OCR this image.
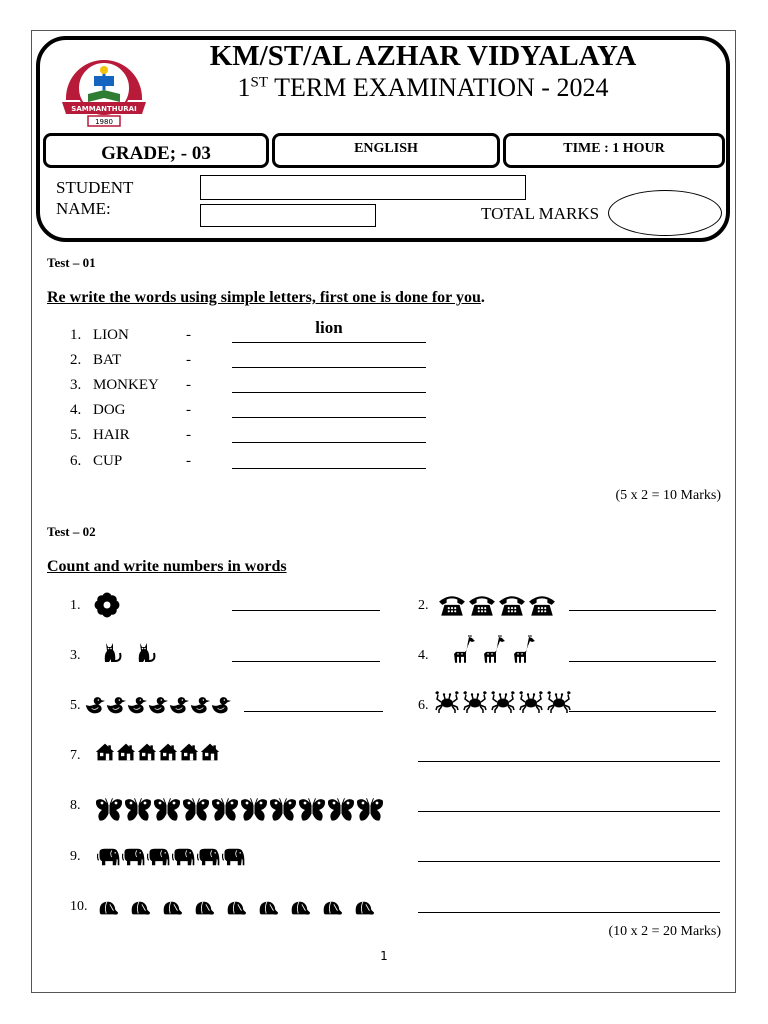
SAMMANTHURAI
1980
KM/ST/AL AZHAR VIDYALAYA
1ST TERM EXAMINATION - 2024
GRADE; - 03	ENGLISH	TIME : 1 HOUR
STUDENT
NAME:	TOTAL MARKS
Test – 01
Re write the words using simple letters, first one is done for you.
1. LION	-	lion
2. BAT	-
3. MONKEY -
4. DOG	-
5. HAIR	-
6. CUP	-
(5 x 2 = 10 Marks)
Test – 02
Count and write numbers in words
1.	2.
3.	4.
5.	6.
7.
8.
9.
10.
(10 x 2 = 20 Marks)
1
